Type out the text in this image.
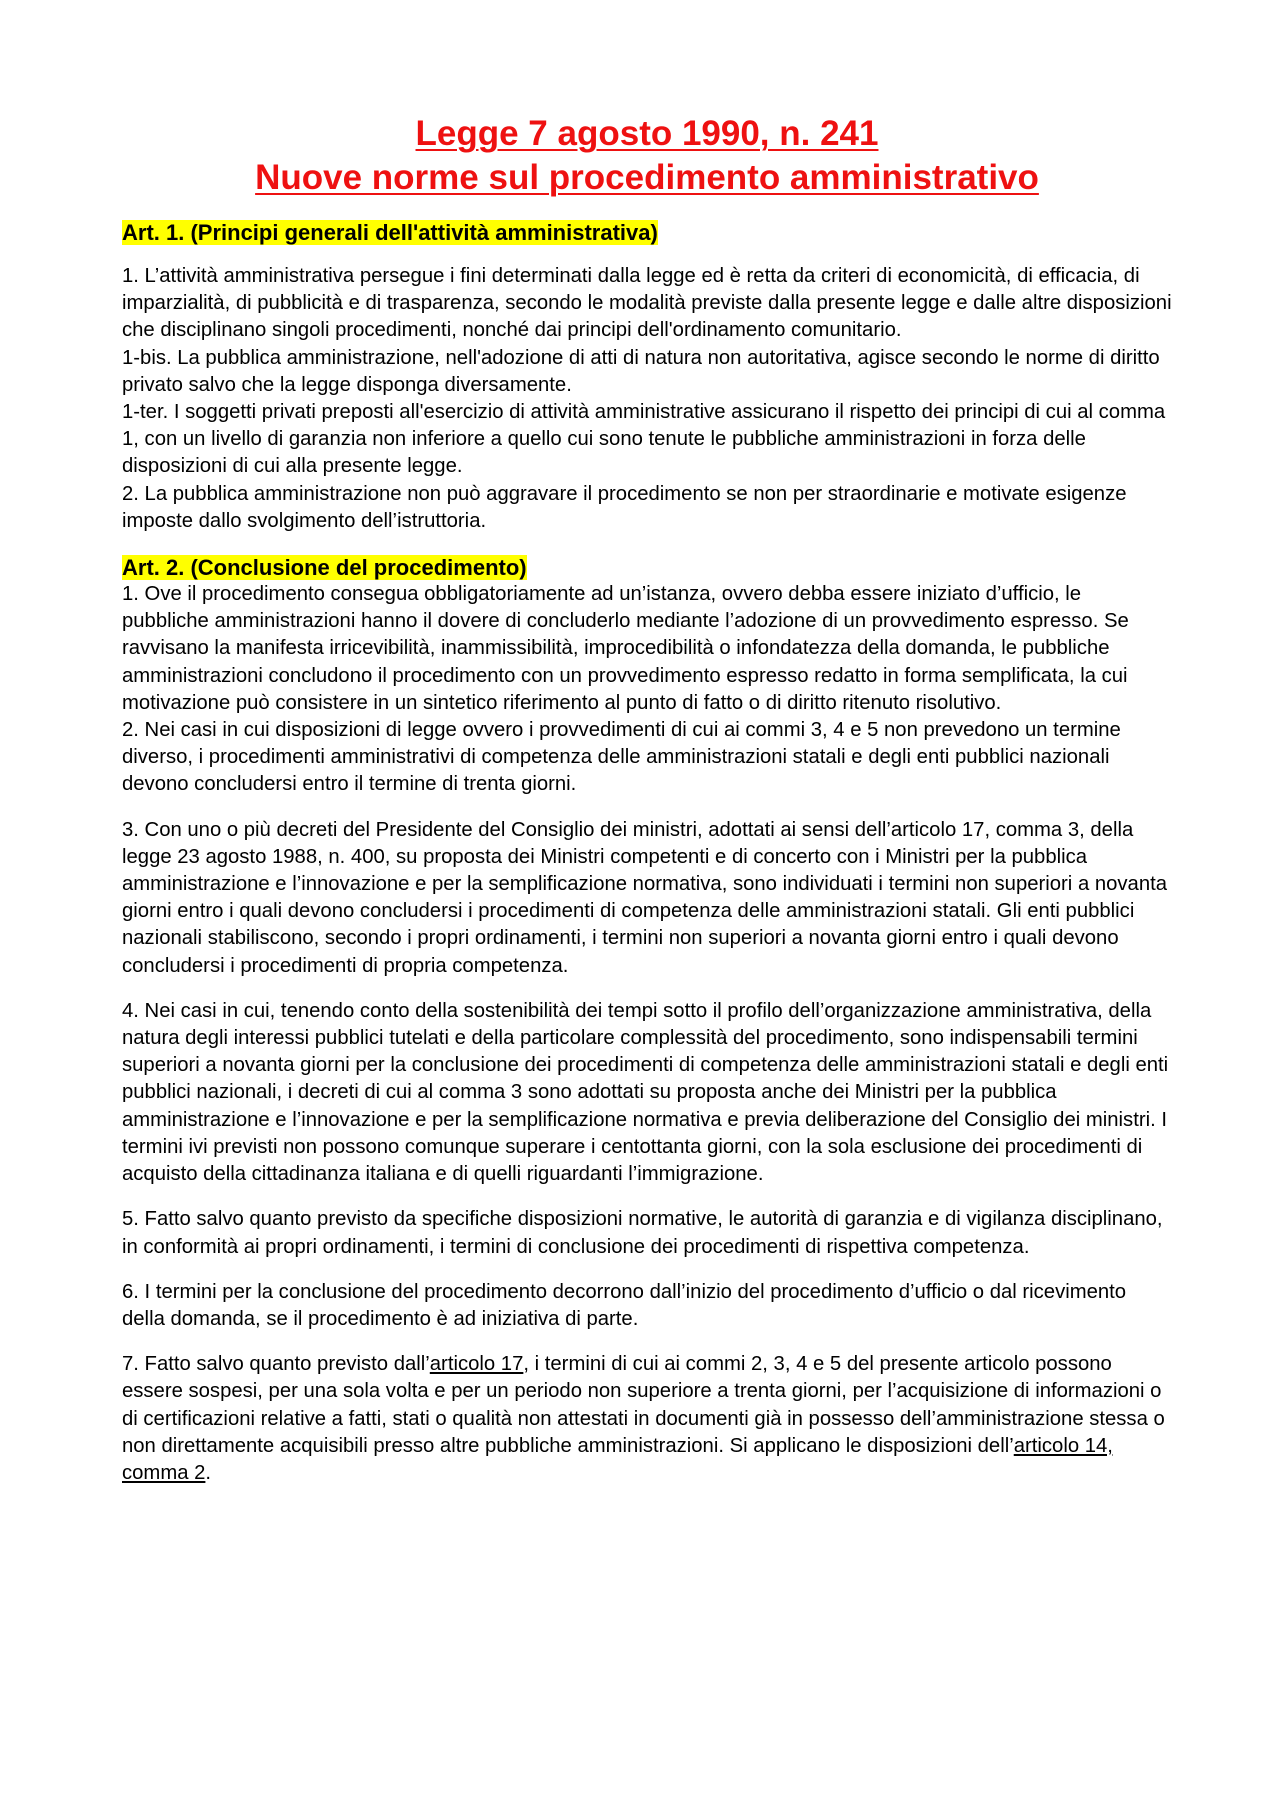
Legge 7 agosto 1990, n. 241
Nuove norme sul procedimento amministrativo
Art. 1. (Principi generali dell'attività amministrativa)

1. L’attività amministrativa persegue i fini determinati dalla legge ed è retta da criteri di economicità, di efficacia, di imparzialità, di pubblicità e di trasparenza, secondo le modalità previste dalla presente legge e dalle altre disposizioni che disciplinano singoli procedimenti, nonché dai principi dell'ordinamento comunitario.

1-bis. La pubblica amministrazione, nell'adozione di atti di natura non autoritativa, agisce secondo le norme di diritto privato salvo che la legge disponga diversamente.

1-ter. I soggetti privati preposti all'esercizio di attività amministrative assicurano il rispetto dei principi di cui al comma 1, con un livello di garanzia non inferiore a quello cui sono tenute le pubbliche amministrazioni in forza delle disposizioni di cui alla presente legge.

2. La pubblica amministrazione non può aggravare il procedimento se non per straordinarie e motivate esigenze imposte dallo svolgimento dell’istruttoria.

Art. 2. (Conclusione del procedimento)

1. Ove il procedimento consegua obbligatoriamente ad un’istanza, ovvero debba essere iniziato d’ufficio, le pubbliche amministrazioni hanno il dovere di concluderlo mediante l’adozione di un provvedimento espresso. Se ravvisano la manifesta irricevibilità, inammissibilità, improcedibilità o infondatezza della domanda, le pubbliche amministrazioni concludono il procedimento con un provvedimento espresso redatto in forma semplificata, la cui motivazione può consistere in un sintetico riferimento al punto di fatto o di diritto ritenuto risolutivo.

2. Nei casi in cui disposizioni di legge ovvero i provvedimenti di cui ai commi 3, 4 e 5 non prevedono un termine diverso, i procedimenti amministrativi di competenza delle amministrazioni statali e degli enti pubblici nazionali devono concludersi entro il termine di trenta giorni.

3. Con uno o più decreti del Presidente del Consiglio dei ministri, adottati ai sensi dell’articolo 17, comma 3, della legge 23 agosto 1988, n. 400, su proposta dei Ministri competenti e di concerto con i Ministri per la pubblica amministrazione e l’innovazione e per la semplificazione normativa, sono individuati i termini non superiori a novanta giorni entro i quali devono concludersi i procedimenti di competenza delle amministrazioni statali. Gli enti pubblici nazionali stabiliscono, secondo i propri ordinamenti, i termini non superiori a novanta giorni entro i quali devono concludersi i procedimenti di propria competenza.

4. Nei casi in cui, tenendo conto della sostenibilità dei tempi sotto il profilo dell’organizzazione amministrativa, della natura degli interessi pubblici tutelati e della particolare complessità del procedimento, sono indispensabili termini superiori a novanta giorni per la conclusione dei procedimenti di competenza delle amministrazioni statali e degli enti pubblici nazionali, i decreti di cui al comma 3 sono adottati su proposta anche dei Ministri per la pubblica amministrazione e l’innovazione e per la semplificazione normativa e previa deliberazione del Consiglio dei ministri. I termini ivi previsti non possono comunque superare i centottanta giorni, con la sola esclusione dei procedimenti di acquisto della cittadinanza italiana e di quelli riguardanti l’immigrazione.

5. Fatto salvo quanto previsto da specifiche disposizioni normative, le autorità di garanzia e di vigilanza disciplinano, in conformità ai propri ordinamenti, i termini di conclusione dei procedimenti di rispettiva competenza.

6. I termini per la conclusione del procedimento decorrono dall’inizio del procedimento d’ufficio o dal ricevimento della domanda, se il procedimento è ad iniziativa di parte.

7. Fatto salvo quanto previsto dall’articolo 17, i termini di cui ai commi 2, 3, 4 e 5 del presente articolo possono essere sospesi, per una sola volta e per un periodo non superiore a trenta giorni, per l’acquisizione di informazioni o di certificazioni relative a fatti, stati o qualità non attestati in documenti già in possesso dell’amministrazione stessa o non direttamente acquisibili presso altre pubbliche amministrazioni. Si applicano le disposizioni dell’articolo 14, comma 2.
